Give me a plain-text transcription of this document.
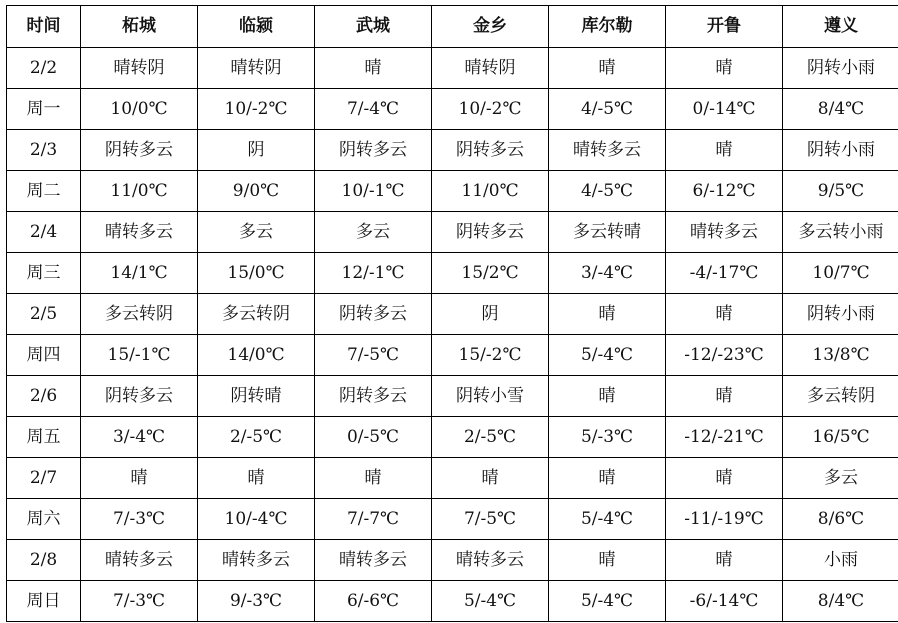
时间	柘城	临颍	武城	金乡	库尔勒	开鲁	遵义
2/2	晴转阴	晴转阴	晴	晴转阴	晴	晴	阴转小雨
周一	10/0℃	10/-2℃	7/-4℃	10/-2℃	4/-5℃	0/-14℃	8/4℃
2/3	阴转多云	阴	阴转多云	阴转多云	晴转多云	晴	阴转小雨
周二	11/0℃	9/0℃	10/-1℃	11/0℃	4/-5℃	6/-12℃	9/5℃
2/4	晴转多云	多云	多云	阴转多云	多云转晴	晴转多云	多云转小雨
周三	14/1℃	15/0℃	12/-1℃	15/2℃	3/-4℃	-4/-17℃	10/7℃
2/5	多云转阴	多云转阴	阴转多云	阴	晴	晴	阴转小雨
周四	15/-1℃	14/0℃	7/-5℃	15/-2℃	5/-4℃	-12/-23℃	13/8℃
2/6	阴转多云	阴转晴	阴转多云	阴转小雪	晴	晴	多云转阴
周五	3/-4℃	2/-5℃	0/-5℃	2/-5℃	5/-3℃	-12/-21℃	16/5℃
2/7	晴	晴	晴	晴	晴	晴	多云
周六	7/-3℃	10/-4℃	7/-7℃	7/-5℃	5/-4℃	-11/-19℃	8/6℃
2/8	晴转多云	晴转多云	晴转多云	晴转多云	晴	晴	小雨
周日	7/-3℃	9/-3℃	6/-6℃	5/-4℃	5/-4℃	-6/-14℃	8/4℃
